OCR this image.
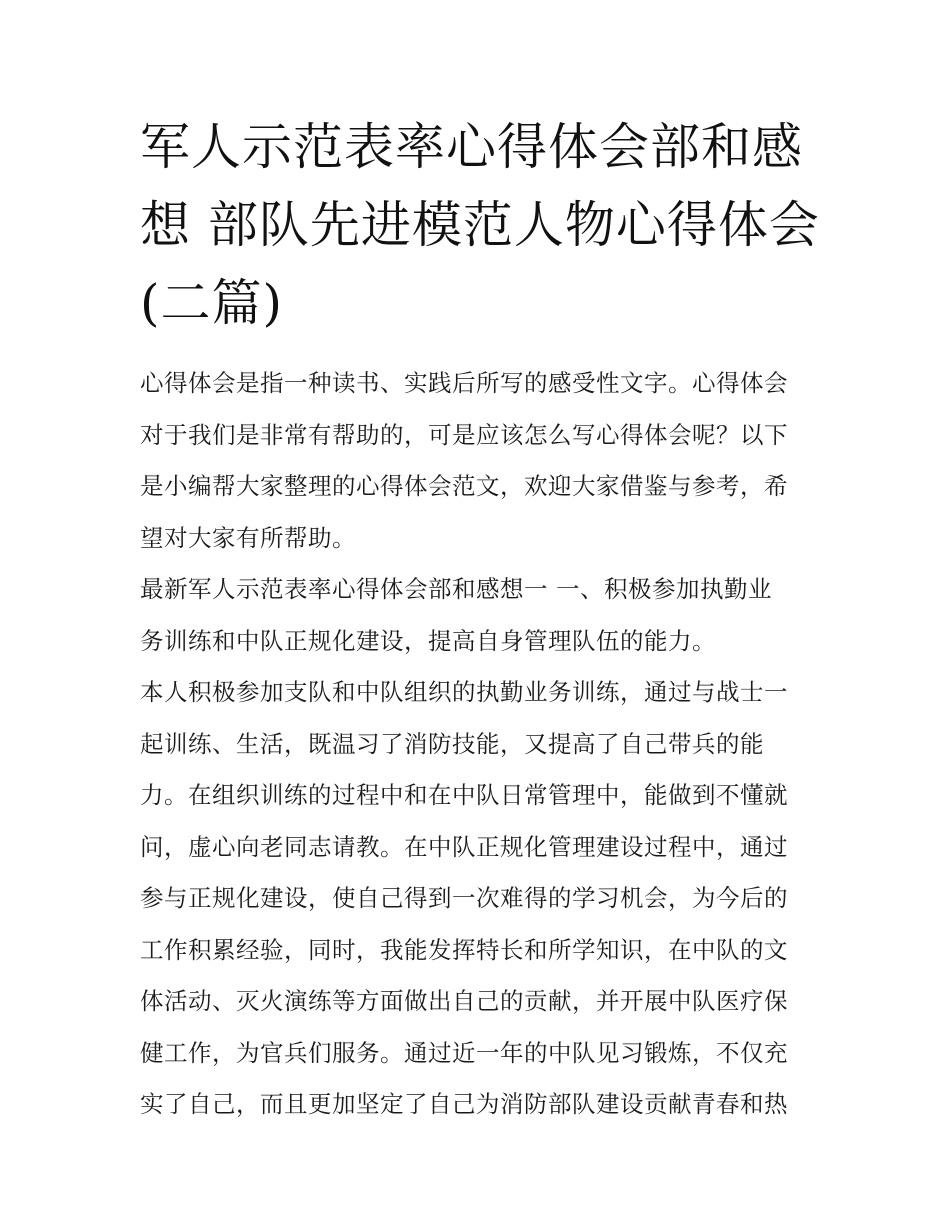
军人示范表率心得体会部和感
想 部队先进模范人物心得体会
(二篇)

心得体会是指一种读书、实践后所写的感受性文字。心得体会
对于我们是非常有帮助的，可是应该怎么写心得体会呢？以下
是小编帮大家整理的心得体会范文，欢迎大家借鉴与参考，希
望对大家有所帮助。

最新军人示范表率心得体会部和感想一 一、积极参加执勤业
务训练和中队正规化建设，提高自身管理队伍的能力。

本人积极参加支队和中队组织的执勤业务训练，通过与战士一
起训练、生活，既温习了消防技能，又提高了自己带兵的能
力。在组织训练的过程中和在中队日常管理中，能做到不懂就
问，虚心向老同志请教。在中队正规化管理建设过程中，通过
参与正规化建设，使自己得到一次难得的学习机会，为今后的
工作积累经验，同时，我能发挥特长和所学知识，在中队的文
体活动、灭火演练等方面做出自己的贡献，并开展中队医疗保
健工作，为官兵们服务。通过近一年的中队见习锻炼，不仅充
实了自己，而且更加坚定了自己为消防部队建设贡献青春和热
